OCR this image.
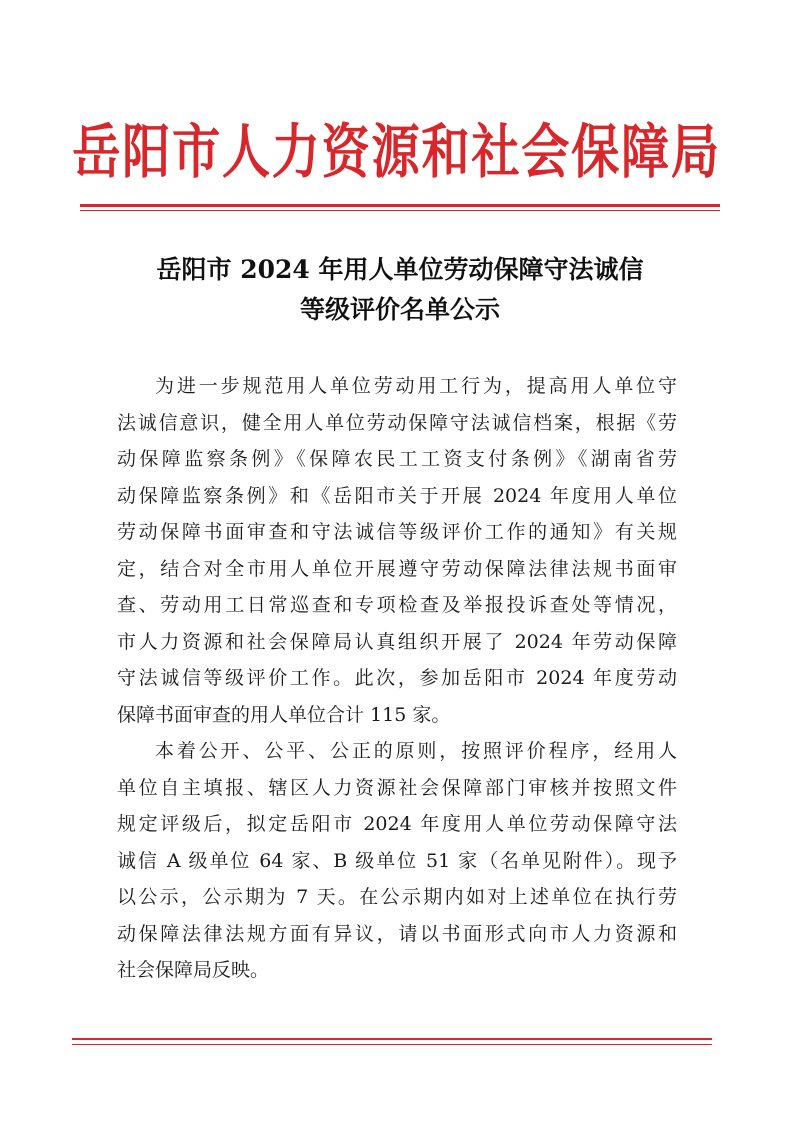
岳阳市人力资源和社会保障局
岳阳市 2024 年用人单位劳动保障守法诚信
等级评价名单公示
为进一步规范用人单位劳动用工行为，提高用人单位守
法诚信意识，健全用人单位劳动保障守法诚信档案，根据《劳
动保障监察条例》《保障农民工工资支付条例》《湖南省劳
动保障监察条例》和《岳阳市关于开展 2024 年度用人单位
劳动保障书面审查和守法诚信等级评价工作的通知》有关规
定，结合对全市用人单位开展遵守劳动保障法律法规书面审
查、劳动用工日常巡查和专项检查及举报投诉查处等情况，
市人力资源和社会保障局认真组织开展了 2024 年劳动保障
守法诚信等级评价工作。此次，参加岳阳市 2024 年度劳动
保障书面审查的用人单位合计 115 家。
本着公开、公平、公正的原则，按照评价程序，经用人
单位自主填报、辖区人力资源社会保障部门审核并按照文件
规定评级后，拟定岳阳市 2024 年度用人单位劳动保障守法
诚信 A 级单位 64 家、B 级单位 51 家（名单见附件）。现予
以公示，公示期为 7 天。在公示期内如对上述单位在执行劳
动保障法律法规方面有异议，请以书面形式向市人力资源和
社会保障局反映。
